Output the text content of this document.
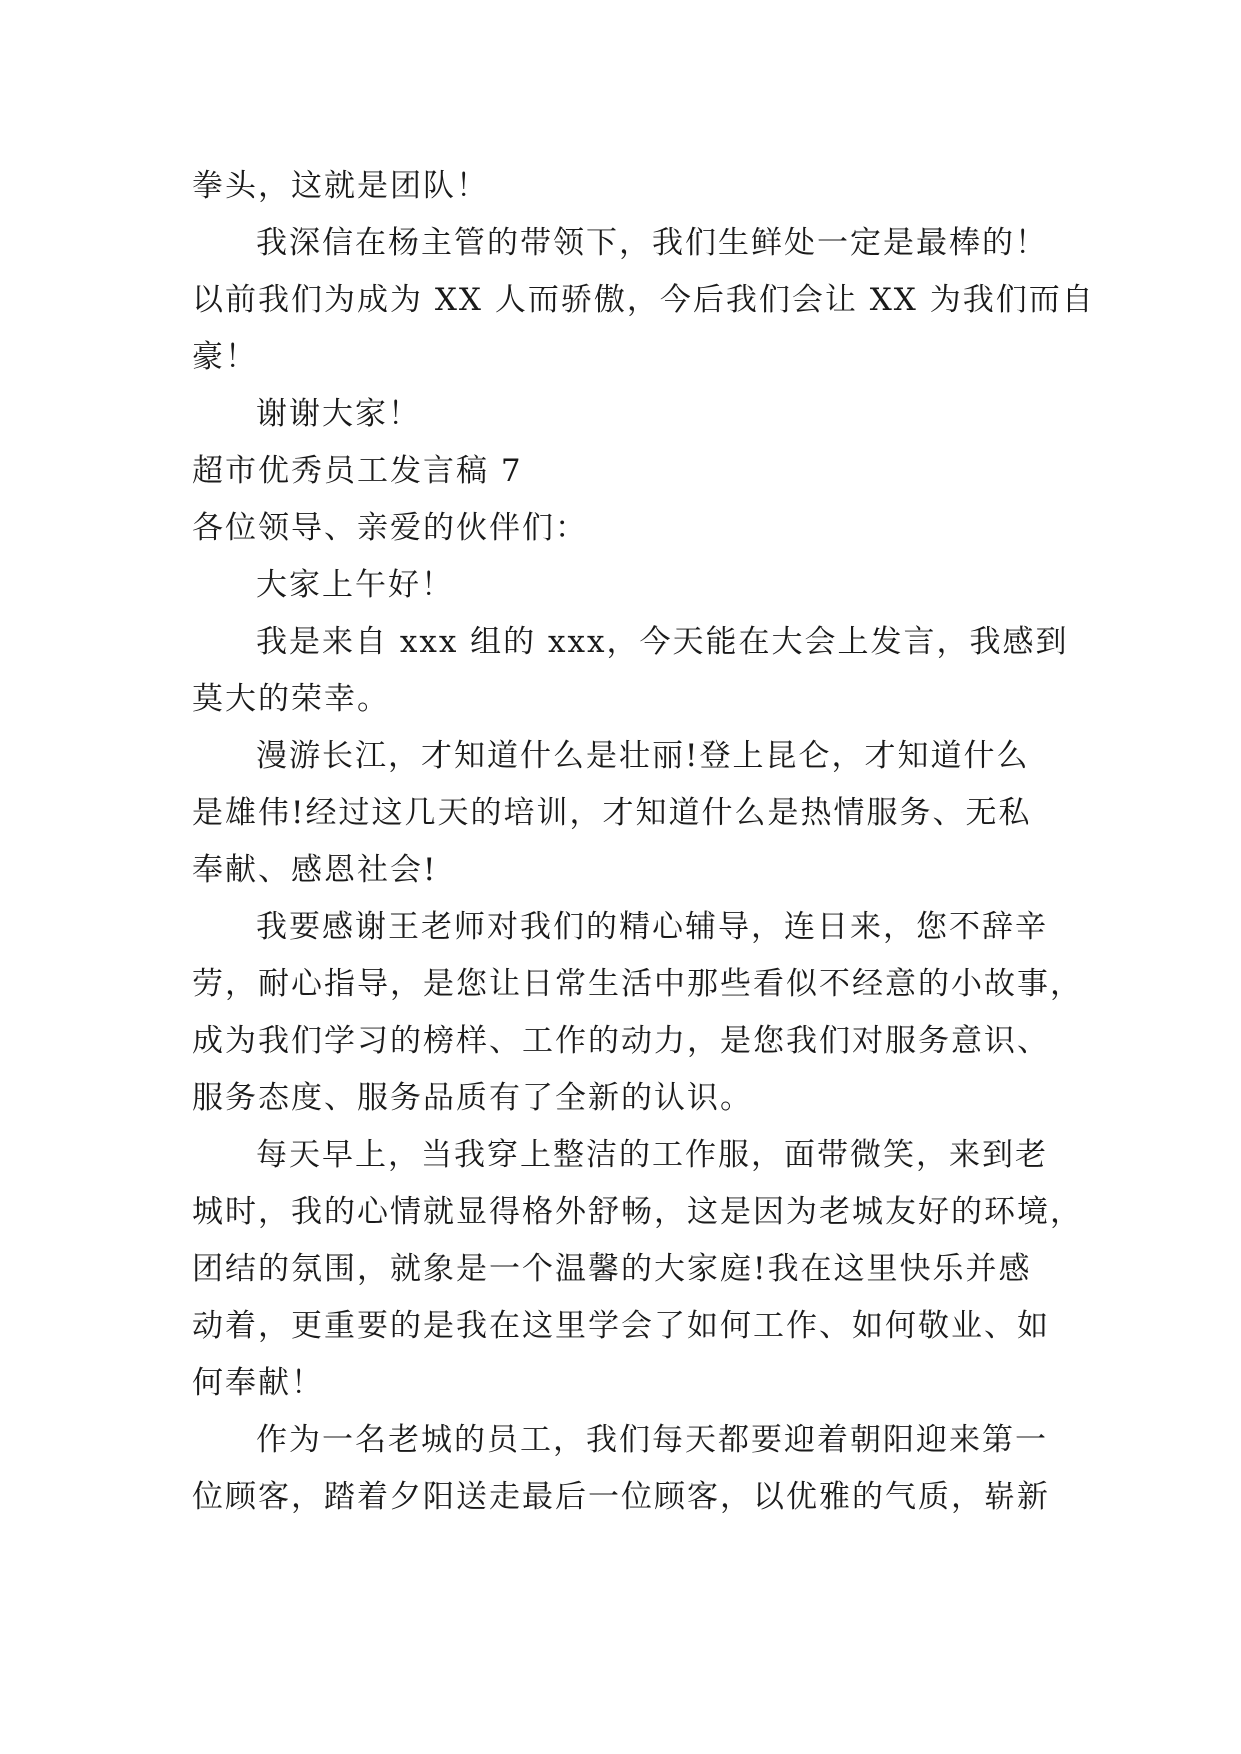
拳头，这就是团队！
我深信在杨主管的带领下，我们生鲜处一定是最棒的！
以前我们为成为 XX 人而骄傲，今后我们会让 XX 为我们而自
豪！
谢谢大家！
超市优秀员工发言稿 7
各位领导、亲爱的伙伴们：
大家上午好！
我是来自 xxx 组的 xxx，今天能在大会上发言，我感到
莫大的荣幸。
漫游长江，才知道什么是壮丽!登上昆仑，才知道什么
是雄伟!经过这几天的培训，才知道什么是热情服务、无私
奉献、感恩社会!
我要感谢王老师对我们的精心辅导，连日来，您不辞辛
劳，耐心指导，是您让日常生活中那些看似不经意的小故事，
成为我们学习的榜样、工作的动力，是您我们对服务意识、
服务态度、服务品质有了全新的认识。
每天早上，当我穿上整洁的工作服，面带微笑，来到老
城时，我的心情就显得格外舒畅，这是因为老城友好的环境，
团结的氛围，就象是一个温馨的大家庭!我在这里快乐并感
动着，更重要的是我在这里学会了如何工作、如何敬业、如
何奉献！
作为一名老城的员工，我们每天都要迎着朝阳迎来第一
位顾客，踏着夕阳送走最后一位顾客，以优雅的气质，崭新
